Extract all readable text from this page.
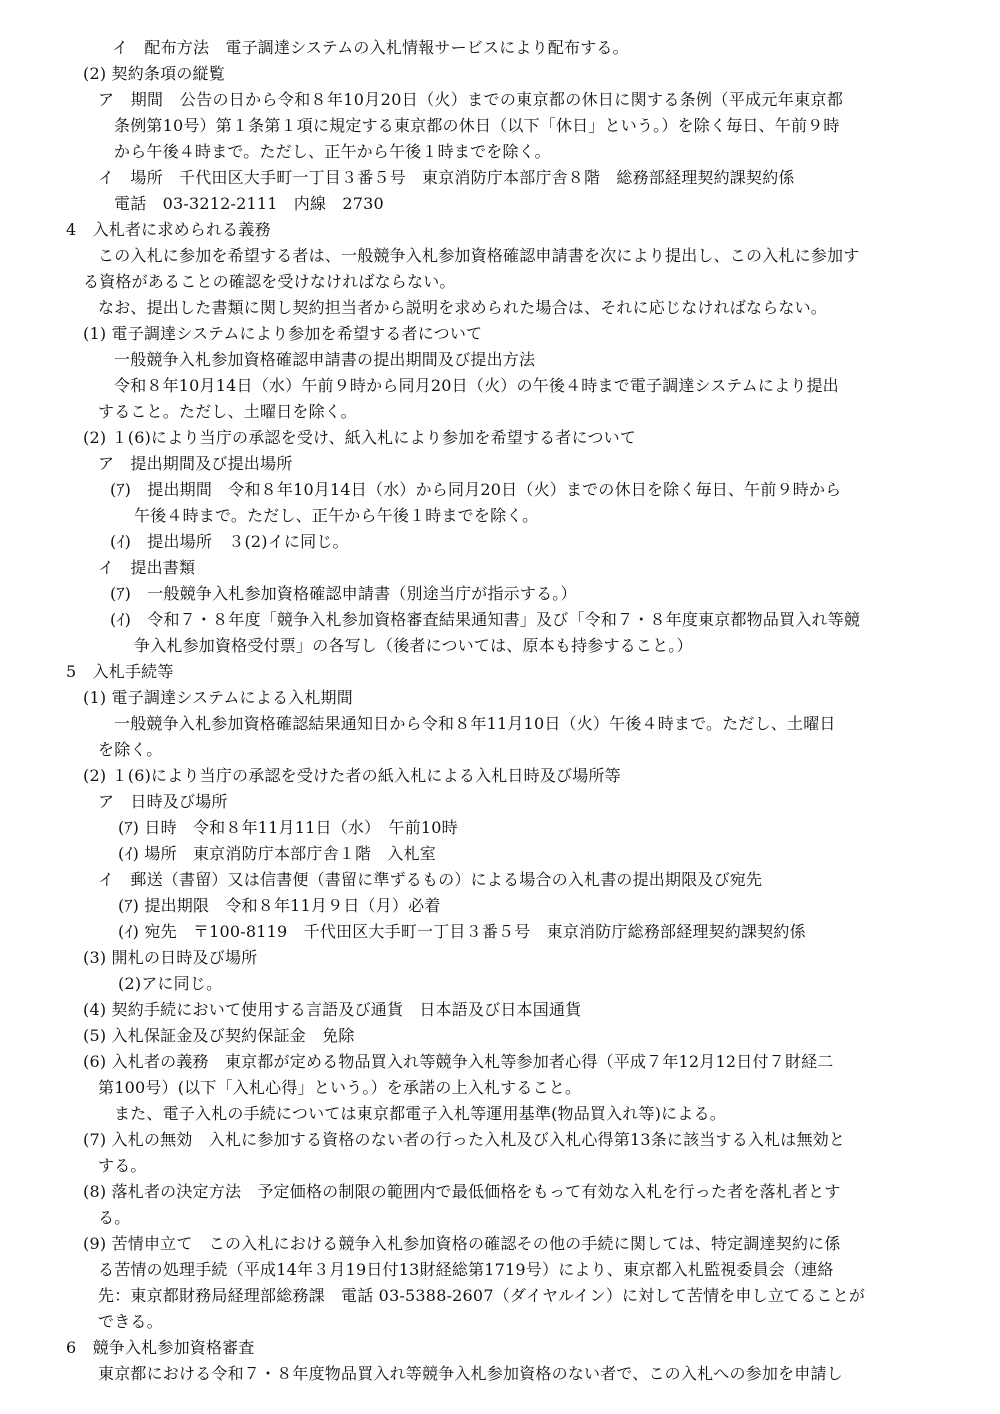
イ　配布方法　電子調達システムの入札情報サービスにより配布する。
(2) 契約条項の縦覧
ア　期間　公告の日から令和８年10月20日（火）までの東京都の休日に関する条例（平成元年東京都
条例第10号）第１条第１項に規定する東京都の休日（以下「休日」という。）を除く毎日、午前９時
から午後４時まで。ただし、正午から午後１時までを除く。
イ　場所　千代田区大手町一丁目３番５号　東京消防庁本部庁舎８階　総務部経理契約課契約係
電話　03-3212-2111　内線　2730
4　入札者に求められる義務
この入札に参加を希望する者は、一般競争入札参加資格確認申請書を次により提出し、この入札に参加す
る資格があることの確認を受けなければならない。
なお、提出した書類に関し契約担当者から説明を求められた場合は、それに応じなければならない。
(1) 電子調達システムにより参加を希望する者について
一般競争入札参加資格確認申請書の提出期間及び提出方法
令和８年10月14日（水）午前９時から同月20日（火）の午後４時まで電子調達システムにより提出
すること。ただし、土曜日を除く。
(2) １(6)により当庁の承認を受け、紙入札により参加を希望する者について
ア　提出期間及び提出場所
(ｱ)　提出期間　令和８年10月14日（水）から同月20日（火）までの休日を除く毎日、午前９時から
午後４時まで。ただし、正午から午後１時までを除く。
(ｲ)　提出場所　３(2)イに同じ。
イ　提出書類
(ｱ)　一般競争入札参加資格確認申請書（別途当庁が指示する。）
(ｲ)　令和７・８年度「競争入札参加資格審査結果通知書」及び「令和７・８年度東京都物品買入れ等競
争入札参加資格受付票」の各写し（後者については、原本も持参すること。）
5　入札手続等
(1) 電子調達システムによる入札期間
一般競争入札参加資格確認結果通知日から令和８年11月10日（火）午後４時まで。ただし、土曜日
を除く。
(2) １(6)により当庁の承認を受けた者の紙入札による入札日時及び場所等
ア　日時及び場所
(ｱ) 日時　令和８年11月11日（水）　午前10時
(ｲ) 場所　東京消防庁本部庁舎１階　入札室
イ　郵送（書留）又は信書便（書留に準ずるもの）による場合の入札書の提出期限及び宛先
(ｱ) 提出期限　令和８年11月９日（月）必着
(ｲ) 宛先　〒100-8119　千代田区大手町一丁目３番５号　東京消防庁総務部経理契約課契約係
(3) 開札の日時及び場所
(2)アに同じ。
(4) 契約手続において使用する言語及び通貨　日本語及び日本国通貨
(5) 入札保証金及び契約保証金　免除
(6) 入札者の義務　東京都が定める物品買入れ等競争入札等参加者心得（平成７年12月12日付７財経二
第100号）(以下「入札心得」という。）を承諾の上入札すること。
また、電子入札の手続については東京都電子入札等運用基準(物品買入れ等)による。
(7) 入札の無効　入札に参加する資格のない者の行った入札及び入札心得第13条に該当する入札は無効と
する。
(8) 落札者の決定方法　予定価格の制限の範囲内で最低価格をもって有効な入札を行った者を落札者とす
る。
(9) 苦情申立て　この入札における競争入札参加資格の確認その他の手続に関しては、特定調達契約に係
る苦情の処理手続（平成14年３月19日付13財経総第1719号）により、東京都入札監視委員会（連絡
先：東京都財務局経理部総務課　電話 03-5388-2607（ダイヤルイン）に対して苦情を申し立てることが
できる。
6　競争入札参加資格審査
東京都における令和７・８年度物品買入れ等競争入札参加資格のない者で、この入札への参加を申請し
